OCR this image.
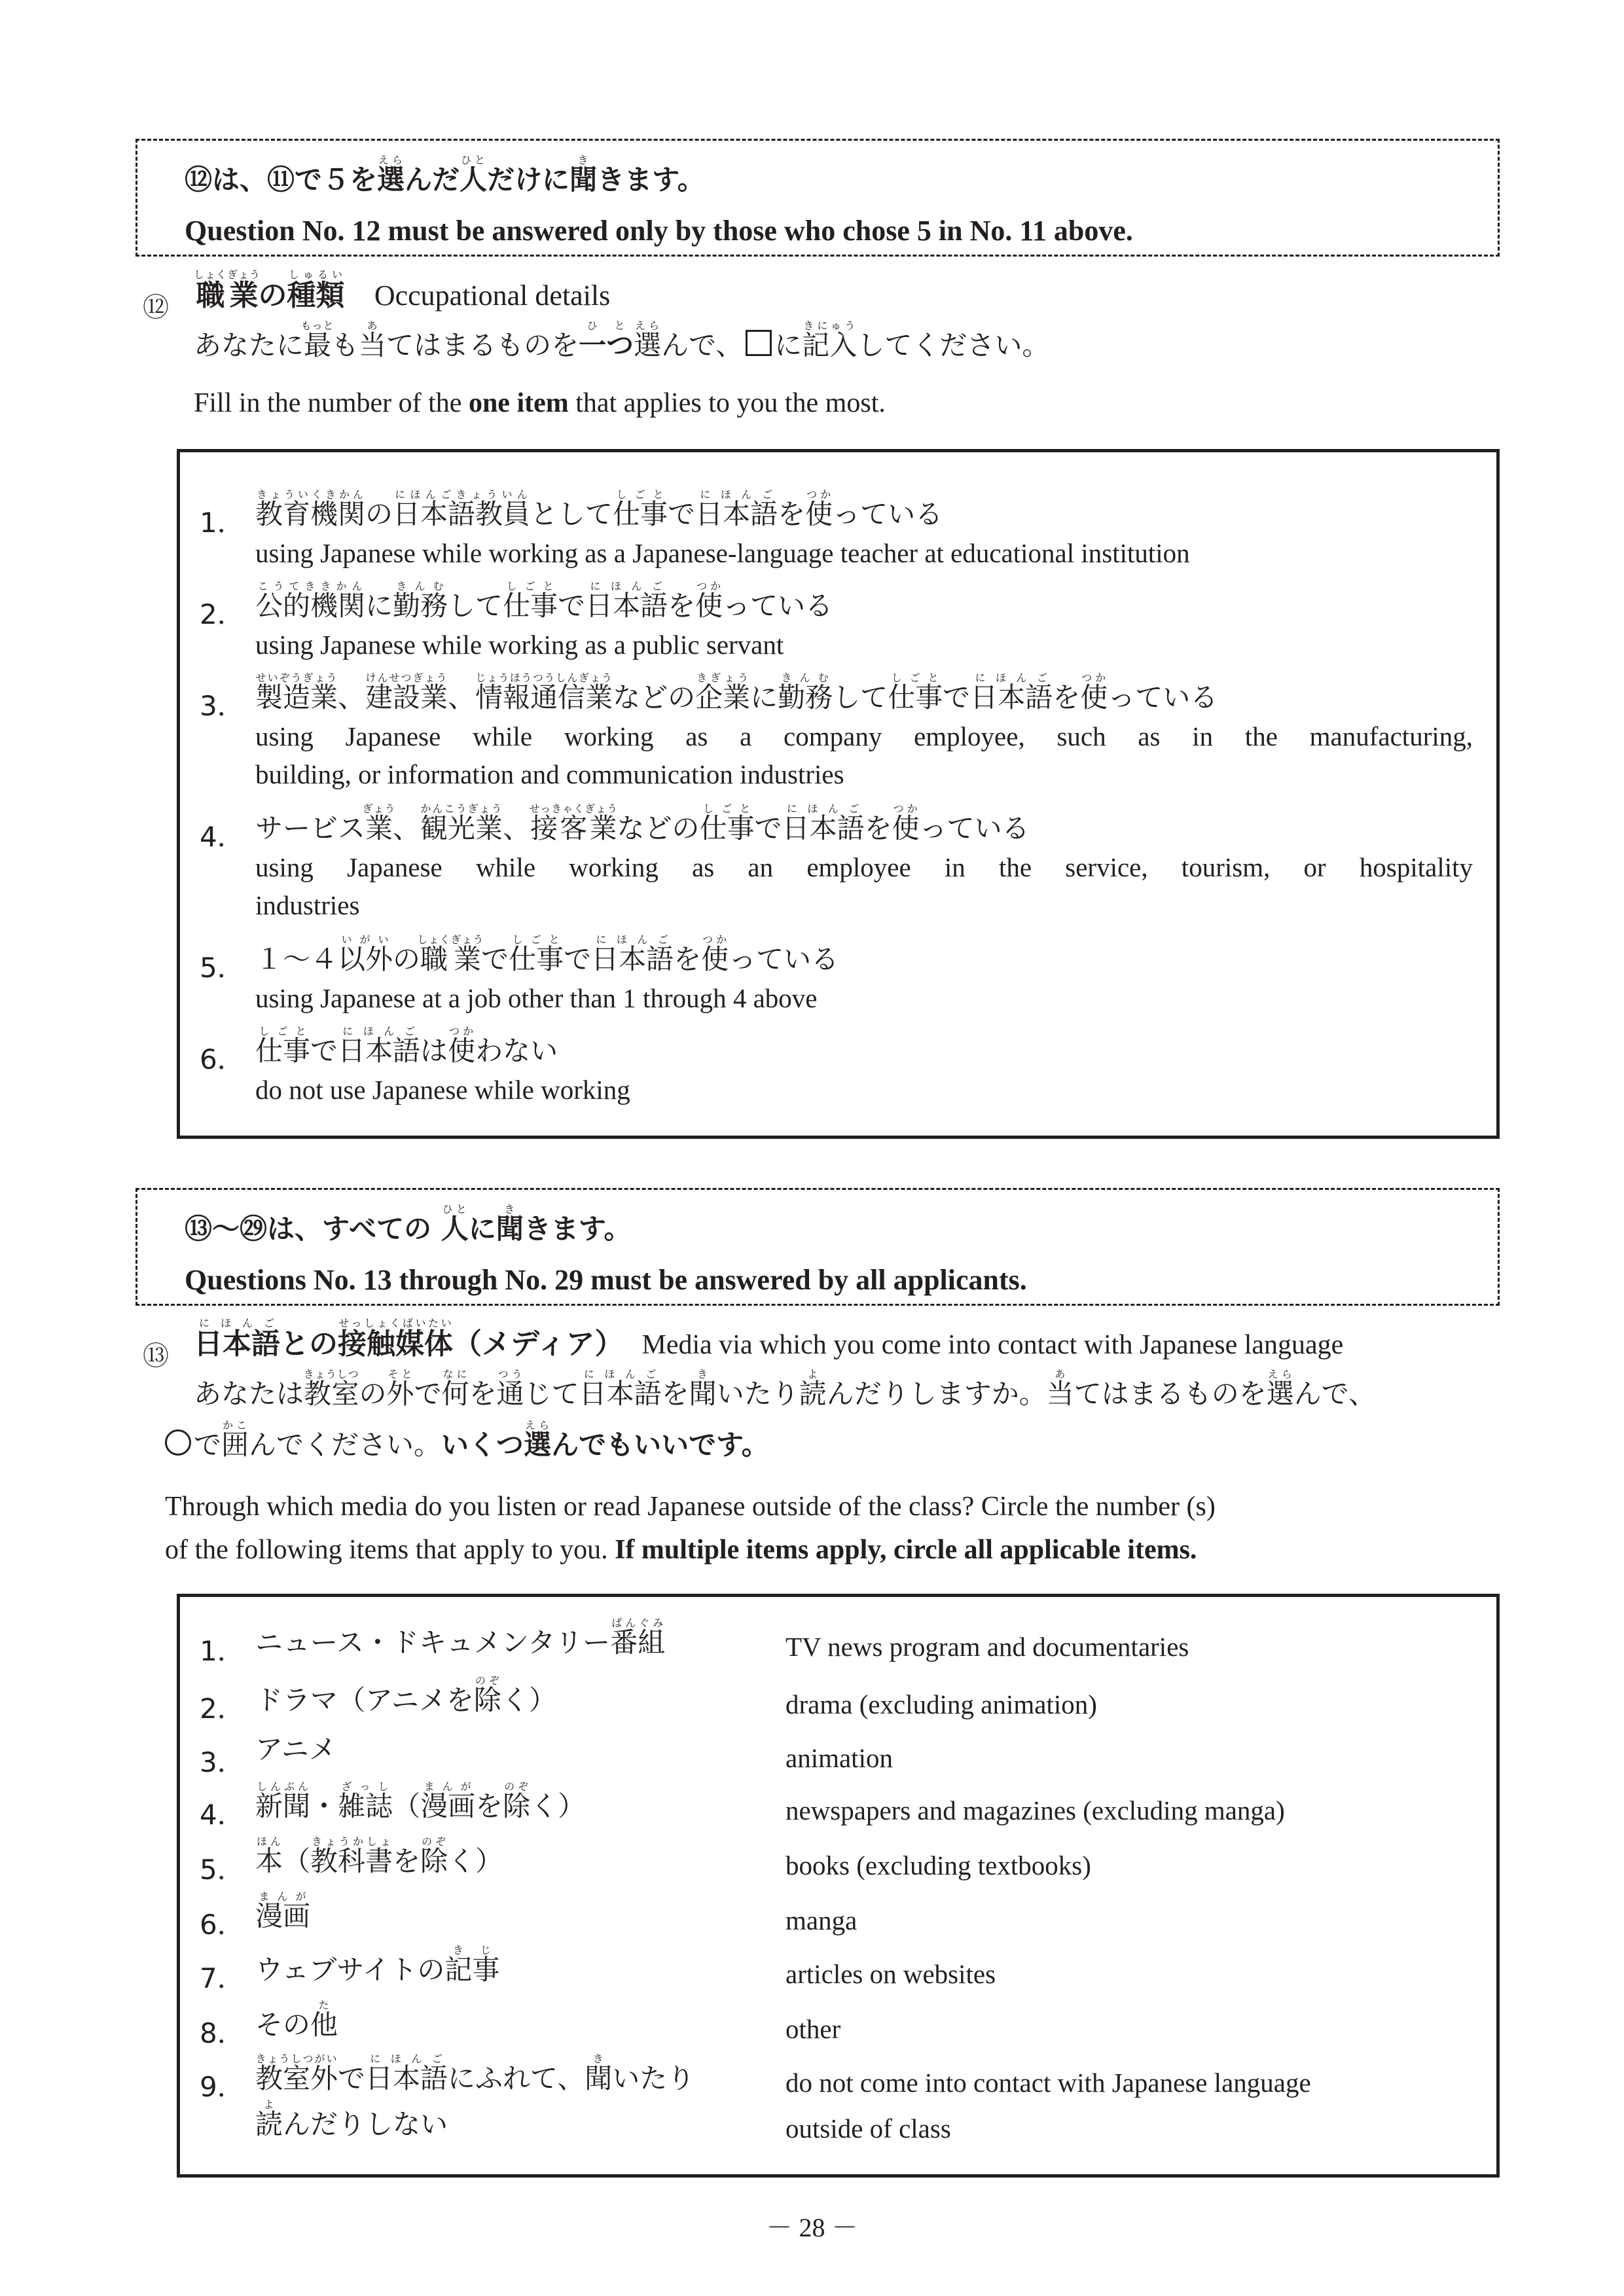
⑫は、⑪で５を選えらんだ人ひとだけに聞ききます。
Question No. 12 must be answered only by those who chose 5 in No. 11 above.
⑫ 職業しょくぎょうの種類しゅるい Occupational details
あなたに最もっとも当あてはまるものを一つひと選えらんで、 に記入きにゅうしてください。
Fill in the number of the one item that applies to you the most.
1． 教育機関きょういくきかんの日本語教員にほんごきょういんとして仕事しごとで日本語にほんごを使つかっている
using Japanese while working as a Japanese-language teacher at educational institution
2． 公的機関こうてききかんに勤務きんむして仕事しごとで日本語にほんごを使つかっている
using Japanese while working as a public servant
3． 製造業せいぞうぎょう、建設業けんせつぎょう、情報通信業じょうほうつうしんぎょうなどの企業きぎょうに勤務きんむして仕事しごとで日本語にほんごを使つかっている
using Japanese while working as a company employee, such as in the manufacturing,
building, or information and communication industries
4． サービス業ぎょう、観光業かんこうぎょう、接客業せっきゃくぎょうなどの仕事しごとで日本語にほんごを使つかっている
using Japanese while working as an employee in the service, tourism, or hospitality
industries
5． １～４以外いがいの職業しょくぎょうで仕事しごとで日本語にほんごを使つかっている
using Japanese at a job other than 1 through 4 above
6． 仕事しごとで日本語にほんごは使つかわない
do not use Japanese while working
⑬～㉙は、すべての 人ひとに聞ききます。
Questions No. 13 through No. 29 must be answered by all applicants.
⑬ 日本語にほんごとの接触媒体せっしょくばいたい（メディア） Media via which you come into contact with Japanese language
あなたは教室きょうしつの外そとで何なにを通つうじて日本語にほんごを聞きいたり読よんだりしますか。当あてはまるものを選えらんで、
で囲かこんでください。いくつ選えらんでもいいです。
Through which media do you listen or read Japanese outside of the class? Circle the number (s)
of the following items that apply to you. If multiple items apply, circle all applicable items.
1． ニュース・ドキュメンタリー番組ばんぐみ
TV news program and documentaries
2． ドラマ（アニメを除のぞく）	drama (excluding animation)
3． アニメ	animation
4． 新聞しんぶん・雑誌ざっし（漫画まんがを除のぞく）	newspapers and magazines (excluding manga)
5． 本ほん（教科書きょうかしょを除のぞく）	books (excluding textbooks)
6． 漫画まんが
manga
7． ウェブサイトの記事きじ
articles on websites
8． その他た
other
9． 教室外きょうしつがいで日本語にほんごにふれて、聞きいたり
読よんだりしない
do not come into contact with Japanese language
outside of class
－ 28 －
